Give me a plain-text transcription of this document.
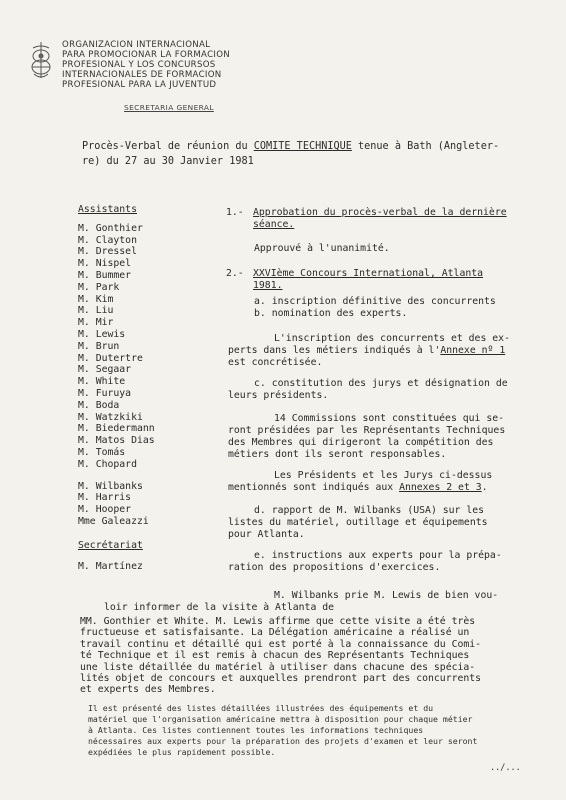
ORGANIZACION INTERNACIONAL
PARA PROMOCIONAR LA FORMACION
PROFESIONAL Y LOS CONCURSOS
INTERNACIONALES DE FORMACION
PROFESIONAL PARA LA JUVENTUD
SECRETARIA GENERAL
Procès-Verbal de réunion du COMITE TECHNIQUE tenue à Bath (Angleter-
re) du 27 au 30 Janvier 1981
Assistants
M. Gonthier
M. Clayton
M. Dressel
M. Nispel
M. Bummer
M. Park
M. Kim
M. Liu
M. Mir
M. Lewis
M. Brun
M. Dutertre
M. Segaar
M. White
M. Furuya
M. Boda
M. Watzkiki
M. Biedermann
M. Matos Dias
M. Tomás
M. Chopard
M. Wilbanks
M. Harris
M. Hooper
Mme Galeazzi
Secrétariat
M. Martínez
1.- Approbation du procès-verbal de la dernière
séance.
Approuvé à l'unanimité.
2.- XXVIème Concours International, Atlanta
1981.
a. inscription définitive des concurrents
b. nomination des experts.
L'inscription des concurrents et des ex-
perts dans les métiers indiqués à l'Annexe nº 1
est concrétisée.
c. constitution des jurys et désignation de
leurs présidents.
14 Commissions sont constituées qui se-
ront présidées par les Représentants Techniques
des Membres qui dirigeront la compétition des
métiers dont ils seront responsables.
Les Présidents et les Jurys ci-dessus
mentionnés sont indiqués aux Annexes 2 et 3.
d. rapport de M. Wilbanks (USA) sur les
listes du matériel, outillage et équipements
pour Atlanta.
e. instructions aux experts pour la prépa-
ration des propositions d'exercices.
M. Wilbanks prie M. Lewis de bien vou-
loir informer de la visite à Atlanta de
MM. Gonthier et White. M. Lewis affirme que cette visite a été très
fructueuse et satisfaisante. La Délégation américaine a réalisé un
travail continu et détaillé qui est porté à la connaissance du Comi-
té Technique et il est remis à chacun des Représentants Techniques
une liste détaillée du matériel à utiliser dans chacune des spécia-
lités objet de concours et auxquelles prendront part des concurrents
et experts des Membres.
Il est présenté des listes détaillées illustrées des équipements et du
matériel que l'organisation américaine mettra à disposition pour chaque métier
à Atlanta. Ces listes contiennent toutes les informations techniques
nécessaires aux experts pour la préparation des projets d'examen et leur seront
expédiées le plus rapidement possible.
../...
